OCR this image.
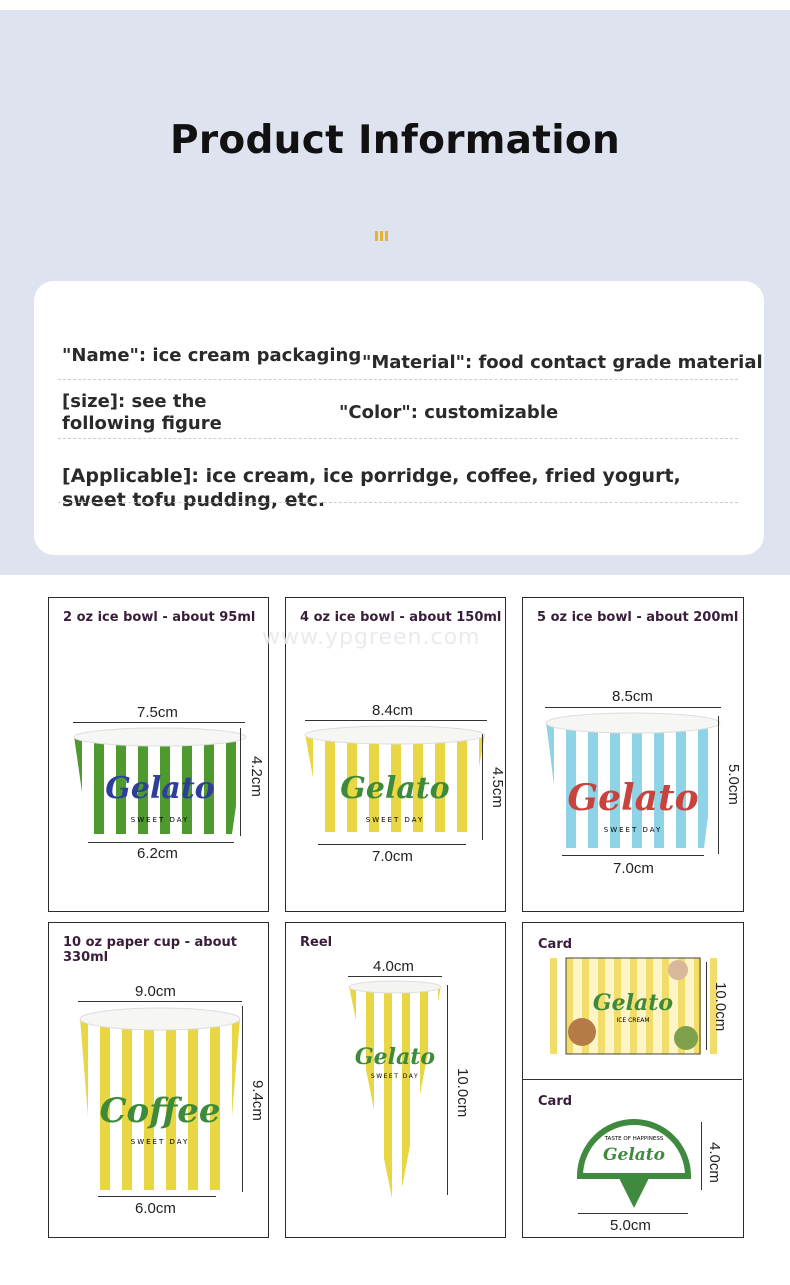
Product Information
"Name": ice cream packaging "Material": food contact grade material
[size]: see the following figure
"Color": customizable
[Applicable]: ice cream, ice porridge, coffee, fried yogurt, sweet tofu pudding, etc.
2 oz ice bowl - about 95ml
7.5cm
Gelato
SWEET DAY
4.2cm
6.2cm
4 oz ice bowl - about 150ml
www.ypgreen.com
8.4cm
Gelato
SWEET DAY
4.5cm
7.0cm
5 oz ice bowl - about 200ml
8.5cm
Gelato
SWEET DAY
5.0cm
7.0cm
10 oz paper cup - about 330ml
9.0cm
Coffee
SWEET DAY
9.4cm
6.0cm
Reel
4.0cm
Gelato
SWEET DAY 10.0cm
Card
Gelato
ICE CREAM	10.0cm
Card
Gelato
TASTE OF HAPPINESS
4.0cm
5.0cm
